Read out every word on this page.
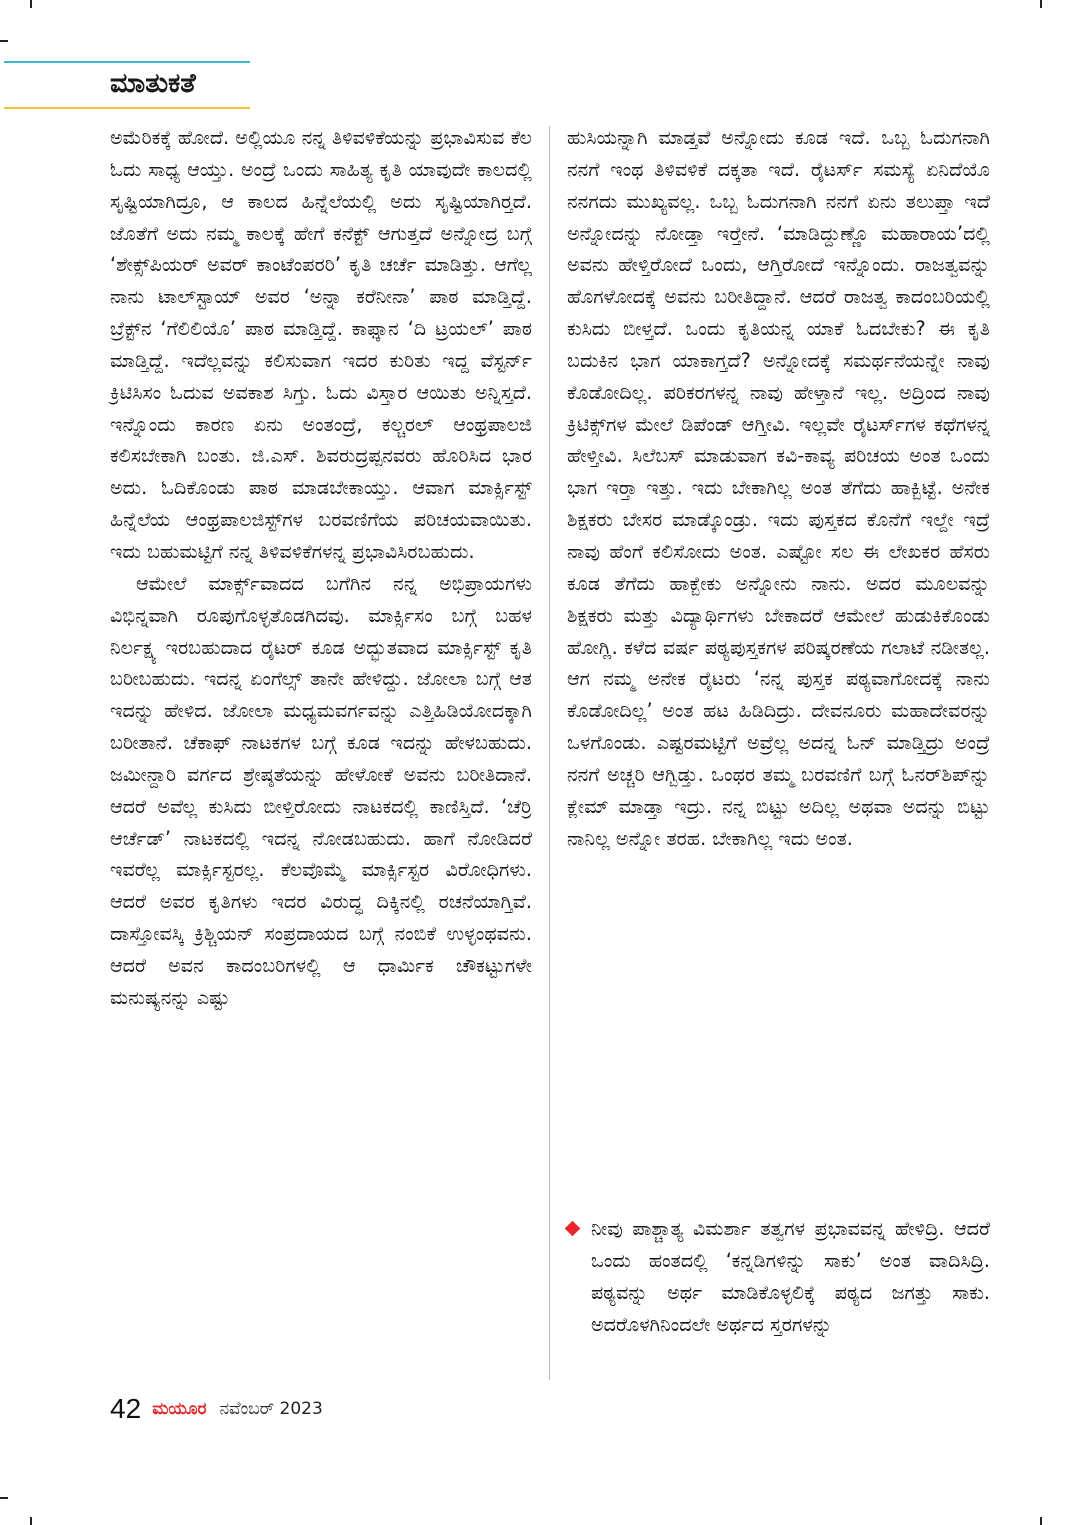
ಮಾತುಕತೆ

ಅಮೆರಿಕಕ್ಕೆ ಹೋದೆ. ಅಲ್ಲಿಯೂ ನನ್ನ ತಿಳಿವಳಿಕೆಯನ್ನು ಪ್ರಭಾವಿಸುವ ಕೆಲ ಓದು ಸಾಧ್ಯ ಆಯ್ತು. ಅಂದ್ರೆ ಒಂದು ಸಾಹಿತ್ಯ ಕೃತಿ ಯಾವುದೇ ಕಾಲದಲ್ಲಿ ಸೃಷ್ಟಿಯಾಗಿದ್ರೂ, ಆ ಕಾಲದ ಹಿನ್ನೆಲೆಯಲ್ಲಿ ಅದು ಸೃಷ್ಟಿಯಾಗಿರ‍್ತದೆ. ಜೊತೆಗೆ ಅದು ನಮ್ಮ ಕಾಲಕ್ಕೆ ಹೇಗೆ ಕನೆಕ್ಟ್ ಆಗುತ್ತದೆ ಅನ್ನೋದ್ರ ಬಗ್ಗೆ ‘ಶೇಕ್ಸ್‌ಪಿಯರ್ ಅವರ್ ಕಾಂಟೆಂಪರರಿ’ ಕೃತಿ ಚರ್ಚೆ ಮಾಡಿತ್ತು. ಆಗೆಲ್ಲ ನಾನು ಟಾಲ್‌ಸ್ಟಾಯ್ ಅವರ ‘ಅನ್ನಾ ಕರೆನೀನಾ’ ಪಾಠ ಮಾಡ್ತಿದ್ದೆ. ಬ್ರೆಕ್ಟ್‌ನ ‘ಗೆಲಿಲಿಯೊ’ ಪಾಠ ಮಾಡ್ತಿದ್ದೆ. ಕಾಫ್ಕಾನ ‘ದಿ ಟ್ರಯಲ್’ ಪಾಠ ಮಾಡ್ತಿದ್ದೆ. ಇದೆಲ್ಲವನ್ನು ಕಲಿಸುವಾಗ ಇದರ ಕುರಿತು ಇದ್ದ ವೆಸ್ಟರ್ನ್ ಕ್ರಿಟಿಸಿಸಂ ಓದುವ ಅವಕಾಶ ಸಿಗ್ತು. ಓದು ವಿಸ್ತಾರ ಆಯಿತು ಅನ್ನಿಸ್ತದೆ. ಇನ್ನೊಂದು ಕಾರಣ ಏನು ಅಂತಂದ್ರೆ, ಕಲ್ಚರಲ್ ಆಂಥ್ರಪಾಲಜಿ ಕಲಿಸಬೇಕಾಗಿ ಬಂತು. ಜಿ.ಎಸ್. ಶಿವರುದ್ರಪ್ಪನವರು ಹೊರಿಸಿದ ಭಾರ ಅದು. ಓದಿಕೊಂಡು ಪಾಠ ಮಾಡಬೇಕಾಯ್ತು. ಆವಾಗ ಮಾರ್ಕ್ಸಿಸ್ಟ್ ಹಿನ್ನೆಲೆಯ ಆಂಥ್ರಪಾಲಜಿಸ್ಟ್‌ಗಳ ಬರವಣಿಗೆಯ ಪರಿಚಯವಾಯಿತು. ಇದು ಬಹುಮಟ್ಟಿಗೆ ನನ್ನ ತಿಳಿವಳಿಕೆಗಳನ್ನ ಪ್ರಭಾವಿಸಿರಬಹುದು.

ಆಮೇಲೆ ಮಾರ್ಕ್ಸ್‌ವಾದದ ಬಗೆಗಿನ ನನ್ನ ಅಭಿಪ್ರಾಯಗಳು ವಿಭಿನ್ನವಾಗಿ ರೂಪುಗೊಳ್ಳತೊಡಗಿದವು. ಮಾರ್ಕ್ಸಿಸಂ ಬಗ್ಗೆ ಬಹಳ ನಿರ್ಲಕ್ಷ್ಯ ಇರಬಹುದಾದ ರೈಟರ್ ಕೂಡ ಅದ್ಭುತವಾದ ಮಾರ್ಕ್ಸಿಸ್ಟ್ ಕೃತಿ ಬರೀಬಹುದು. ಇದನ್ನ ಏಂಗೆಲ್ಸ್ ತಾನೇ ಹೇಳಿದ್ದು. ಜೋಲಾ ಬಗ್ಗೆ ಆತ ಇದನ್ನು ಹೇಳಿದ. ಜೋಲಾ ಮಧ್ಯಮವರ್ಗವನ್ನು ಎತ್ತಿಹಿಡಿಯೋದಕ್ಕಾಗಿ ಬರೀತಾನೆ. ಚೆಕಾಫ್ ನಾಟಕಗಳ ಬಗ್ಗೆ ಕೂಡ ಇದನ್ನು ಹೇಳಬಹುದು. ಜಮೀನ್ದಾರಿ ವರ್ಗದ ಶ್ರೇಷ್ಠತೆಯನ್ನು ಹೇಳೋಕೆ ಅವನು ಬರೀತಿದಾನೆ. ಆದರೆ ಅವೆಲ್ಲ ಕುಸಿದು ಬೀಳ್ತಿರೋದು ನಾಟಕದಲ್ಲಿ ಕಾಣಿಸ್ತಿದೆ. ‘ಚೆರ‍್ರಿ ಆರ್ಚೆಡ್’ ನಾಟಕದಲ್ಲಿ ಇದನ್ನ ನೋಡಬಹುದು. ಹಾಗೆ ನೋಡಿದರೆ ಇವರೆಲ್ಲ ಮಾರ್ಕ್ಸಿಸ್ಟರಲ್ಲ. ಕೆಲವೊಮ್ಮೆ ಮಾರ್ಕ್ಸಿಸ್ಟರ ವಿರೋಧಿಗಳು. ಆದರೆ ಅವರ ಕೃತಿಗಳು ಇದರ ವಿರುದ್ಧ ದಿಕ್ಕಿನಲ್ಲಿ ರಚನೆಯಾಗ್ತಿವೆ. ದಾಸ್ತೋವಸ್ಕಿ ಕ್ರಿಶ್ಚಿಯನ್ ಸಂಪ್ರದಾಯದ ಬಗ್ಗೆ ನಂಬಿಕೆ ಉಳ್ಳಂಥವನು. ಆದರೆ ಅವನ ಕಾದಂಬರಿಗಳಲ್ಲಿ ಆ ಧಾರ್ಮಿಕ ಚೌಕಟ್ಟುಗಳೇ ಮನುಷ್ಯನನ್ನು ಎಷ್ಟು

ಹುಸಿಯನ್ನಾಗಿ ಮಾಡ್ತವೆ ಅನ್ನೋದು ಕೂಡ ಇದೆ. ಒಬ್ಬ ಓದುಗನಾಗಿ ನನಗೆ ಇಂಥ ತಿಳಿವಳಿಕೆ ದಕ್ಕತಾ ಇದೆ. ರೈಟರ್ಸ್ ಸಮಸ್ಯೆ ಏನಿದೆಯೊ ನನಗದು ಮುಖ್ಯವಲ್ಲ. ಒಬ್ಬ ಓದುಗನಾಗಿ ನನಗೆ ಏನು ತಲುಪ್ತಾ ಇದೆ ಅನ್ನೋದನ್ನು ನೋಡ್ತಾ ಇರ‍್ತೇನೆ. ‘ಮಾಡಿದ್ದುಣ್ಣೊ ಮಹಾರಾಯ’ದಲ್ಲಿ ಅವನು ಹೇಳ್ತಿರೋದೆ ಒಂದು, ಆಗ್ತಿರೋದೆ ಇನ್ನೊಂದು. ರಾಜತ್ವವನ್ನು ಹೊಗಳೋದಕ್ಕೆ ಅವನು ಬರೀತಿದ್ದಾನೆ. ಆದರೆ ರಾಜತ್ವ ಕಾದಂಬರಿಯಲ್ಲಿ ಕುಸಿದು ಬೀಳ್ತದೆ. ಒಂದು ಕೃತಿಯನ್ನ ಯಾಕೆ ಓದಬೇಕು? ಈ ಕೃತಿ ಬದುಕಿನ ಭಾಗ ಯಾಕಾಗ್ತದೆ? ಅನ್ನೋದಕ್ಕೆ ಸಮರ್ಥನೆಯನ್ನೇ ನಾವು ಕೊಡೋದಿಲ್ಲ. ಪರಿಕರಗಳನ್ನ ನಾವು ಹೇಳ್ತಾನೆ ಇಲ್ಲ. ಅದ್ರಿಂದ ನಾವು ಕ್ರಿಟಿಕ್ಸ್‌ಗಳ ಮೇಲೆ ಡಿಪೆಂಡ್ ಆಗ್ತೀವಿ. ಇಲ್ಲವೇ ರೈಟರ್ಸ್‌ಗಳ ಕಥೆಗಳನ್ನ ಹೇಳ್ತೀವಿ. ಸಿಲೆಬಸ್ ಮಾಡುವಾಗ ಕವಿ-ಕಾವ್ಯ ಪರಿಚಯ ಅಂತ ಒಂದು ಭಾಗ ಇರ‍್ತಾ ಇತ್ತು. ಇದು ಬೇಕಾಗಿಲ್ಲ ಅಂತ ತೆಗೆದು ಹಾಕ್ಬಿಟ್ಟೆ. ಅನೇಕ ಶಿಕ್ಷಕರು ಬೇಸರ ಮಾಡ್ಕೊಂಡ್ರು. ಇದು ಪುಸ್ತಕದ ಕೊನೆಗೆ ಇಲ್ದೇ ಇದ್ರೆ ನಾವು ಹೆಂಗೆ ಕಲಿಸೋದು ಅಂತ. ಎಷ್ಟೋ ಸಲ ಈ ಲೇಖಕರ ಹೆಸರು ಕೂಡ ತೆಗೆದು ಹಾಕ್ಬೇಕು ಅನ್ನೋನು ನಾನು. ಅದರ ಮೂಲವನ್ನು ಶಿಕ್ಷಕರು ಮತ್ತು ವಿದ್ಯಾರ್ಥಿಗಳು ಬೇಕಾದರೆ ಆಮೇಲೆ ಹುಡುಕಿಕೊಂಡು ಹೋಗ್ಲಿ. ಕಳೆದ ವರ್ಷ ಪಠ್ಯಪುಸ್ತಕಗಳ ಪರಿಷ್ಕರಣೆಯ ಗಲಾಟೆ ನಡೀತಲ್ಲ. ಆಗ ನಮ್ಮ ಅನೇಕ ರೈಟರು ‘ನನ್ನ ಪುಸ್ತಕ ಪಠ್ಯವಾಗೋದಕ್ಕೆ ನಾನು ಕೊಡೋದಿಲ್ಲ’ ಅಂತ ಹಟ ಹಿಡಿದಿದ್ರು. ದೇವನೂರು ಮಹಾದೇವರನ್ನು ಒಳಗೊಂಡು. ಎಷ್ಟರಮಟ್ಟಿಗೆ ಅವ್ರೆಲ್ಲ ಅದನ್ನ ಓನ್ ಮಾಡ್ತಿದ್ರು ಅಂದ್ರೆ ನನಗೆ ಅಚ್ಚರಿ ಆಗ್ಬಿಡ್ತು. ಒಂಥರ ತಮ್ಮ ಬರವಣಿಗೆ ಬಗ್ಗೆ ಓನರ್‌ಶಿಪ್‌ನ್ನು ಕ್ಲೇಮ್ ಮಾಡ್ತಾ ಇದ್ರು. ನನ್ನ ಬಿಟ್ಟು ಅದಿಲ್ಲ ಅಥವಾ ಅದನ್ನು ಬಿಟ್ಟು ನಾನಿಲ್ಲ ಅನ್ನೋ ತರಹ. ಬೇಕಾಗಿಲ್ಲ ಇದು ಅಂತ.

ನೀವು ಪಾಶ್ಚಾತ್ಯ ವಿಮರ್ಶಾ ತತ್ವಗಳ ಪ್ರಭಾವವನ್ನ ಹೇಳಿದ್ರಿ. ಆದರೆ ಒಂದು ಹಂತದಲ್ಲಿ ‘ಕನ್ನಡಿಗಳಿನ್ನು ಸಾಕು’ ಅಂತ ವಾದಿಸಿದ್ರಿ. ಪಠ್ಯವನ್ನು ಅರ್ಥ ಮಾಡಿಕೊಳ್ಳಲಿಕ್ಕೆ ಪಠ್ಯದ ಜಗತ್ತು ಸಾಕು. ಅದರೊಳಗಿನಿಂದಲೇ ಅರ್ಥದ ಸ್ತರಗಳನ್ನು
42 ಮಯೂರ ನವೆಂಬರ್ 2023
